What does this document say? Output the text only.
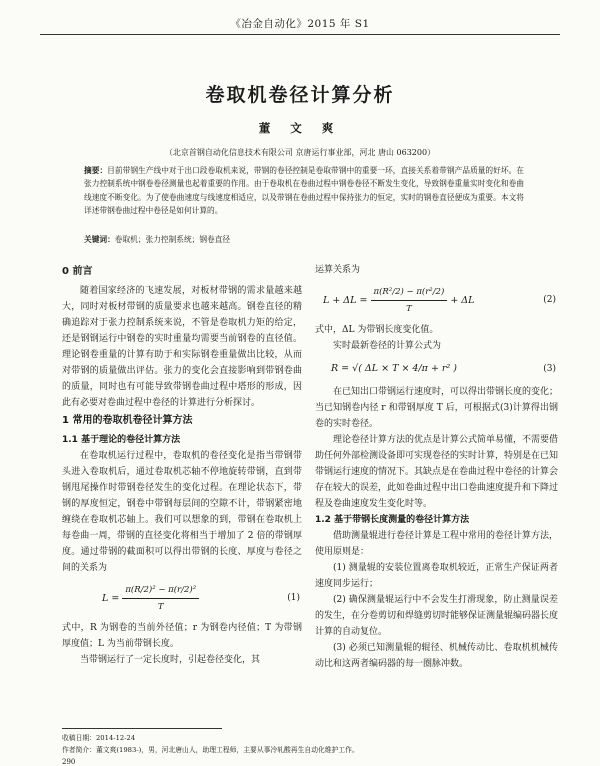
《冶金自动化》2015 年 S1
卷取机卷径计算分析
董 文 爽
（北京首钢自动化信息技术有限公司 京唐运行事业部，河北 唐山 063200）
摘要：目前带钢生产线中对于出口段卷取机来说，带钢的卷径控制是卷取带钢中的重要一环，直接关系着带钢产品质量的好坏。在张力控制系统中钢卷卷径测量也起着重要的作用。由于卷取机在卷曲过程中钢卷卷径不断发生变化，导致钢卷重量实时变化和卷曲线速度不断变化。为了使卷曲速度与线速度相适应，以及带钢在卷曲过程中保持张力的恒定，实时的钢卷直径便成为重要。本文将详述带钢卷曲过程中卷径是如何计算的。
关键词：卷取机；张力控制系统；钢卷直径
0 前言

随着国家经济的飞速发展，对板材带钢的需求量越来越大，同时对板材带钢的质量要求也越来越高。钢卷直径的精确追踪对于张力控制系统来说，不管是卷取机力矩的给定，还是钢钢运行中钢卷的实时重量均需要当前钢卷的直径值。理论钢卷重量的计算有助于和实际钢卷重量做出比较，从而对带钢的质量做出评估。张力的变化会直接影响到带钢卷曲的质量，同时也有可能导致带钢卷曲过程中塔形的形成，因此有必要对卷曲过程中卷径的计算进行分析探讨。

1 常用的卷取机卷径计算方法
1.1 基于理论的卷径计算方法

在卷取机运行过程中，卷取机的卷径变化是指当带钢带头进入卷取机后，通过卷取机芯轴不停地旋转带钢，直到带钢甩尾操作时带钢卷径发生的变化过程。在理论状态下，带钢的厚度恒定，钢卷中带钢每层间的空隙不计，带钢紧密地缠绕在卷取机芯轴上。我们可以想象的到，带钢在卷取机上每卷曲一周，带钢的直径变化将相当于增加了 2 倍的带钢厚度。通过带钢的截面积可以得出带钢的长度、厚度与卷径之间的关系为

$L = \frac{\text{π(R/2)² − π(r/2)²}}{T}$	(1)

式中，R 为钢卷的当前外径值；r 为钢卷内径值；T 为带钢厚度值；L 为当前带钢长度。

当带钢运行了一定长度时，引起卷径变化，其

运算关系为

$L + \Delta L = \frac{\text{π(R²/2) − π(r²/2)}}{T} + \Delta L$	(2)

式中，ΔL 为带钢长度变化值。

实时最新卷径的计算公式为

R = √( ΔL × T × 4/π + r² )	(3)

在已知出口带钢运行速度时，可以得出带钢长度的变化；当已知钢卷内径 r 和带钢厚度 T 后，可根据式(3)计算得出钢卷的实时卷径。

理论卷径计算方法的优点是计算公式简单易懂，不需要借助任何外部检测设备即可实现卷径的实时计算，特别是在已知带钢运行速度的情况下。其缺点是在卷曲过程中卷径的计算会存在较大的误差，此如卷曲过程中出口卷曲速度提升和下降过程及卷曲速度发生变化时等。

1.2 基于带钢长度测量的卷径计算方法

借助测量辊进行卷径计算是工程中常用的卷径计算方法，使用原则是：

(1) 测量辊的安装位置离卷取机较近，正常生产保证两者速度同步运行；

(2) 确保测量辊运行中不会发生打滑现象，防止测量误差的发生，在分卷剪切和焊缝剪切时能够保证测量辊编码器长度计算的自动复位。

(3) 必须已知测量辊的辊径、机械传动比、卷取机机械传动比和这两者编码器的每一圈脉冲数。

收稿日期：2014-12-24
作者简介：董文爽(1983-)，男，河北唐山人，助理工程师，主要从事冷轧酸再生自动化维护工作。
290
